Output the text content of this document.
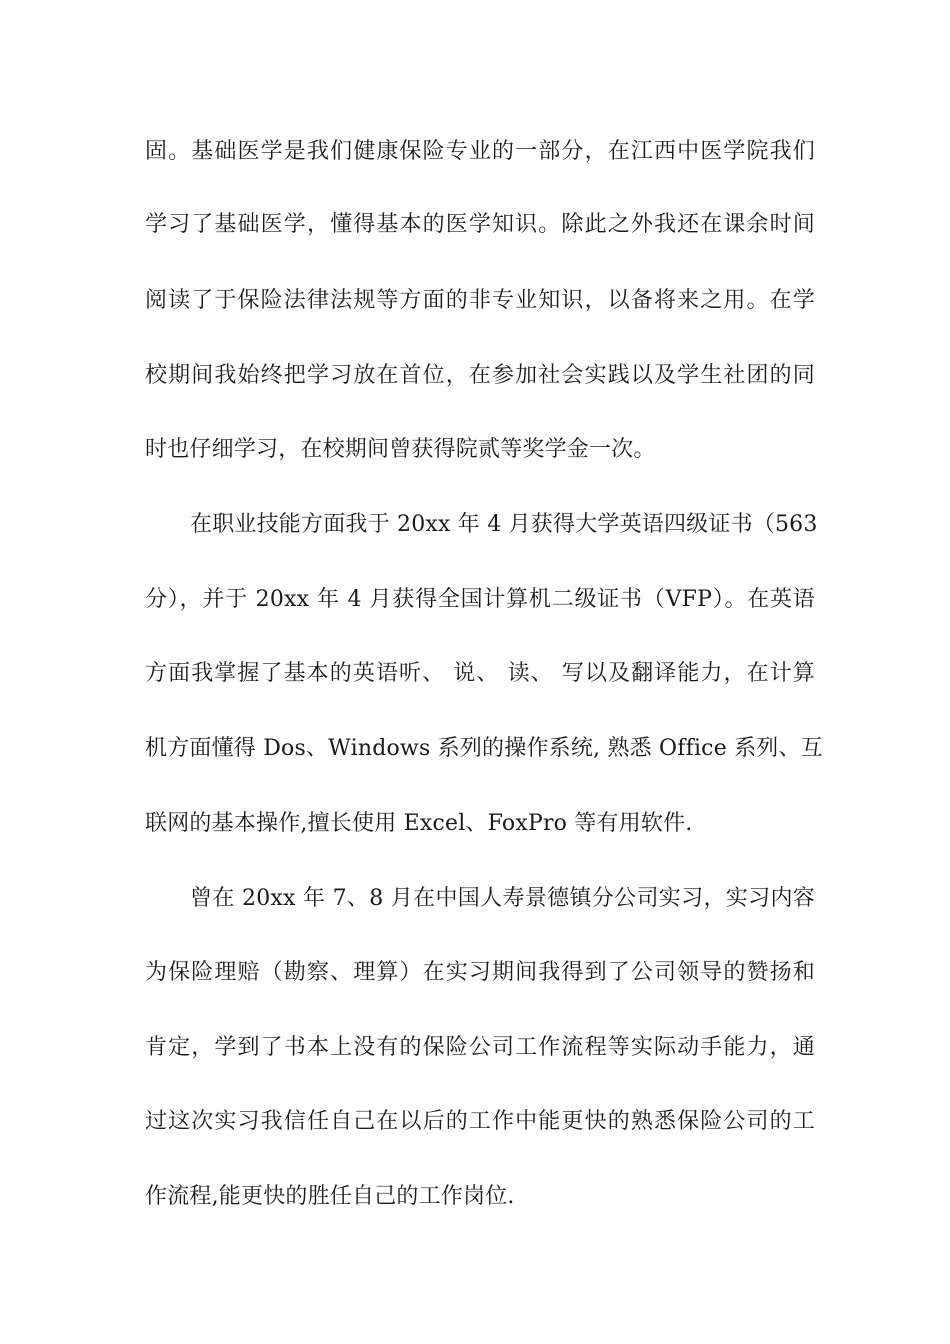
固。基础医学是我们健康保险专业的一部分，在江西中医学院我们
学习了基础医学，懂得基本的医学知识。除此之外我还在课余时间
阅读了于保险法律法规等方面的非专业知识，以备将来之用。在学
校期间我始终把学习放在首位，在参加社会实践以及学生社团的同
时也仔细学习，在校期间曾获得院贰等奖学金一次。
在职业技能方面我于 20xx 年 4 月获得大学英语四级证书（563
分），并于 20xx 年 4 月获得全国计算机二级证书（VFP）。在英语
方面我掌握了基本的英语听、 说、 读、 写以及翻译能力，在计算
机方面懂得 Dos、Windows 系列的操作系统, 熟悉 Office 系列、互
联网的基本操作,擅长使用 Excel、FoxPro 等有用软件.
曾在 20xx 年 7、8 月在中国人寿景德镇分公司实习，实习内容
为保险理赔（勘察、理算）在实习期间我得到了公司领导的赞扬和
肯定，学到了书本上没有的保险公司工作流程等实际动手能力，通
过这次实习我信任自己在以后的工作中能更快的熟悉保险公司的工
作流程,能更快的胜任自己的工作岗位.
